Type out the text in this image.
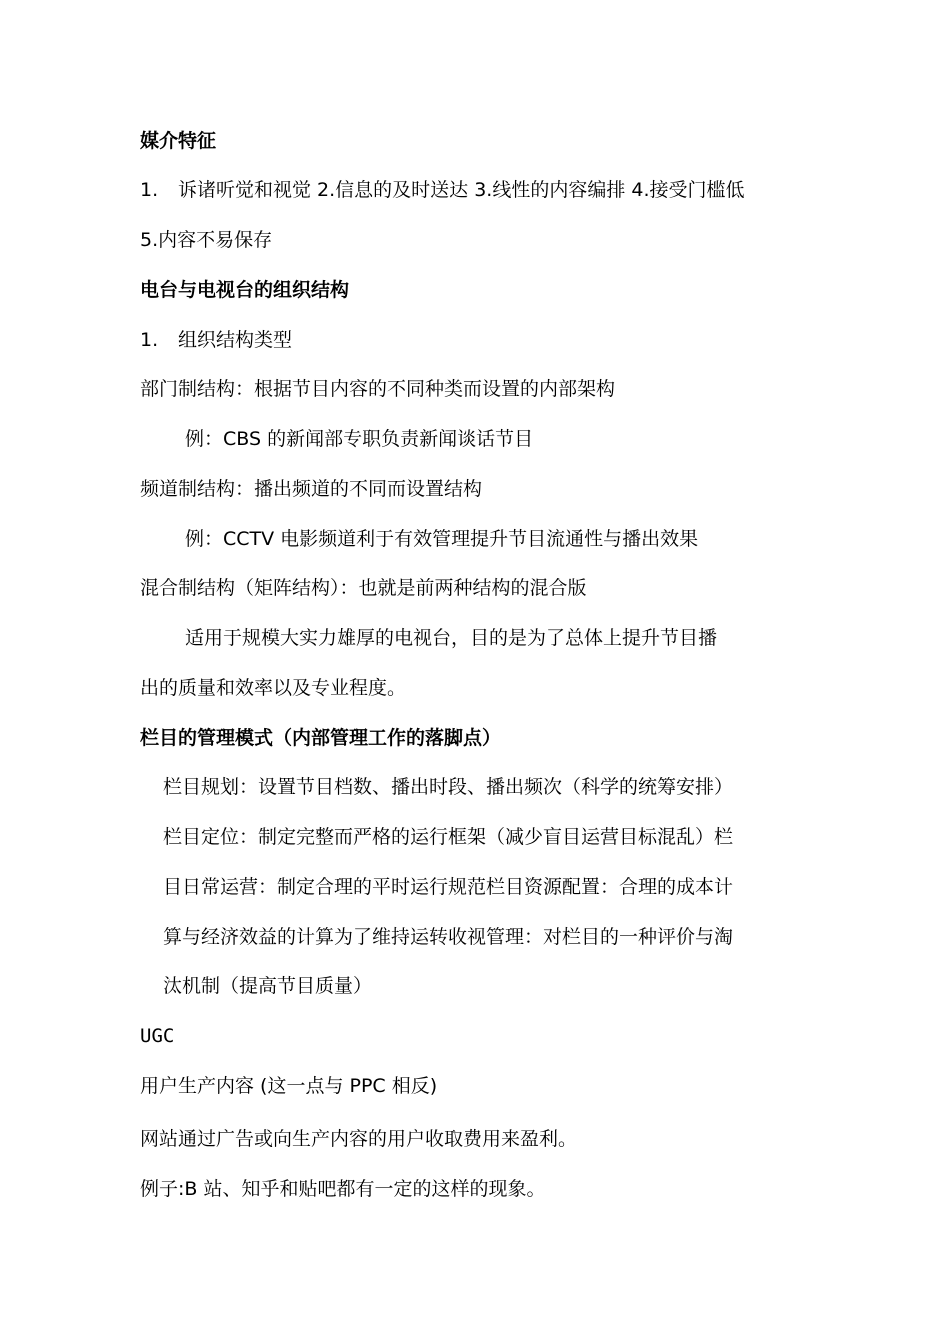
媒介特征
1. 诉诸听觉和视觉 2.信息的及时送达 3.线性的内容编排 4.接受门槛低
5.内容不易保存
电台与电视台的组织结构
1. 组织结构类型
部门制结构：根据节目内容的不同种类而设置的内部架构
例：CBS 的新闻部专职负责新闻谈话节目
频道制结构：播出频道的不同而设置结构
例：CCTV 电影频道利于有效管理提升节目流通性与播出效果
混合制结构（矩阵结构）：也就是前两种结构的混合版
适用于规模大实力雄厚的电视台，目的是为了总体上提升节目播
出的质量和效率以及专业程度。
栏目的管理模式（内部管理工作的落脚点）
栏目规划：设置节目档数、播出时段、播出频次（科学的统筹安排）
栏目定位：制定完整而严格的运行框架（减少盲目运营目标混乱）栏
目日常运营：制定合理的平时运行规范栏目资源配置：合理的成本计
算与经济效益的计算为了维持运转收视管理：对栏目的一种评价与淘
汰机制（提高节目质量）
UGC
用户生产内容 (这一点与 PPC 相反)
网站通过广告或向生产内容的用户收取费用来盈利。
例子:B 站、知乎和贴吧都有一定的这样的现象。
